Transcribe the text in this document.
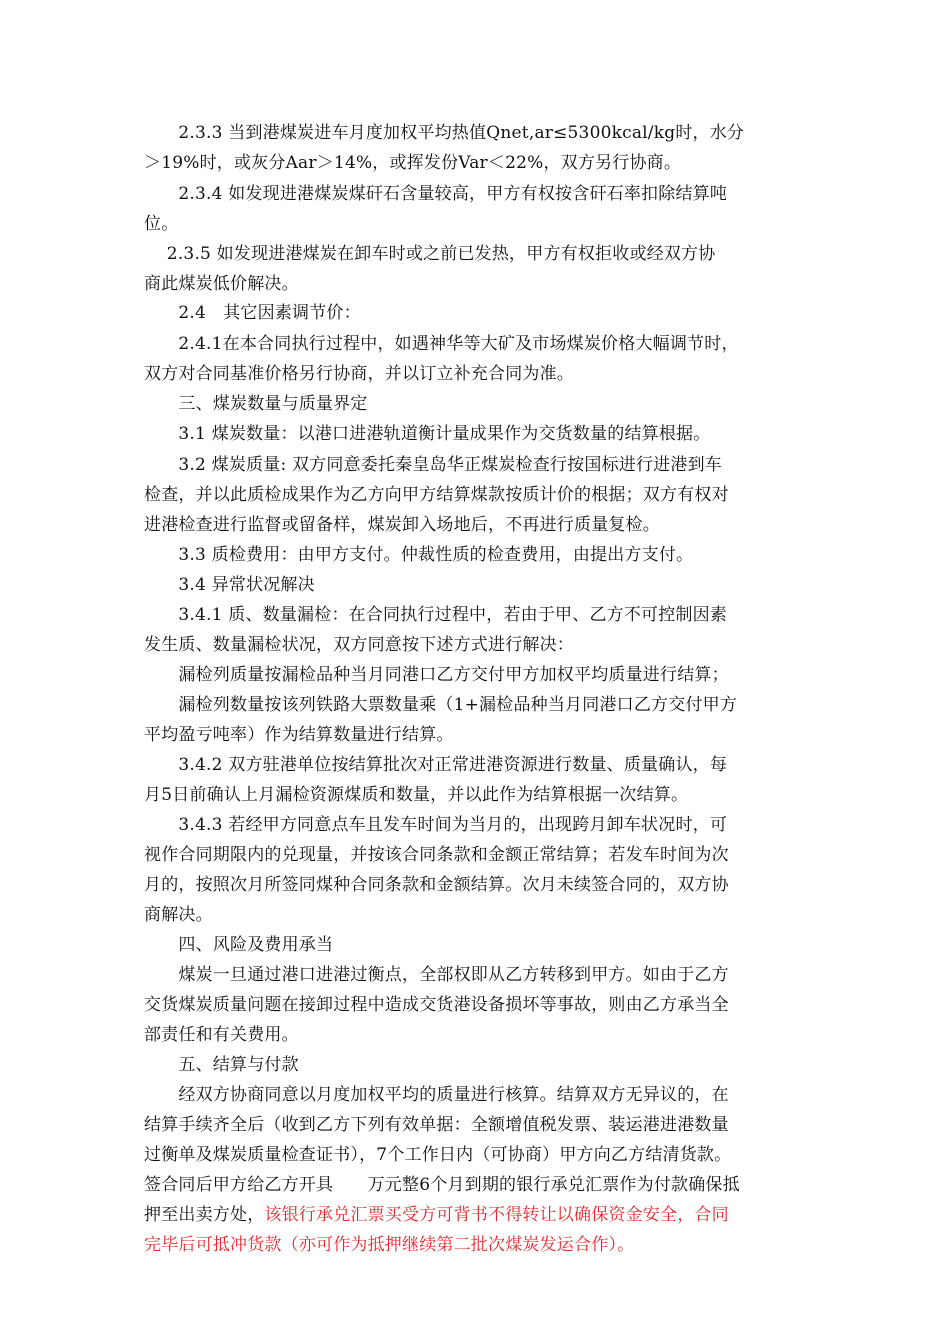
　　2.3.3 当到港煤炭进车月度加权平均热值Qnet,ar≤5300kcal/kg时，水分
＞19%时，或灰分Aar＞14%，或挥发份Var＜22%，双方另行协商。
　　2.3.4 如发现进港煤炭煤矸石含量较高，甲方有权按含矸石率扣除结算吨
位。
　 2.3.5 如发现进港煤炭在卸车时或之前已发热，甲方有权拒收或经双方协
商此煤炭低价解决。
　　2.4　其它因素调节价：
　　2.4.1在本合同执行过程中，如遇神华等大矿及市场煤炭价格大幅调节时，
双方对合同基准价格另行协商，并以订立补充合同为准。
　　三、煤炭数量与质量界定
　　3.1 煤炭数量：以港口进港轨道衡计量成果作为交货数量的结算根据。
　　3.2 煤炭质量: 双方同意委托秦皇岛华正煤炭检查行按国标进行进港到车
检查，并以此质检成果作为乙方向甲方结算煤款按质计价的根据；双方有权对
进港检查进行监督或留备样，煤炭卸入场地后，不再进行质量复检。
　　3.3 质检费用：由甲方支付。仲裁性质的检查费用，由提出方支付。
　　3.4 异常状况解决
　　3.4.1 质、数量漏检：在合同执行过程中，若由于甲、乙方不可控制因素
发生质、数量漏检状况，双方同意按下述方式进行解决：
　　漏检列质量按漏检品种当月同港口乙方交付甲方加权平均质量进行结算；
　　漏检列数量按该列铁路大票数量乘（1+漏检品种当月同港口乙方交付甲方
平均盈亏吨率）作为结算数量进行结算。
　　3.4.2 双方驻港单位按结算批次对正常进港资源进行数量、质量确认，每
月5日前确认上月漏检资源煤质和数量，并以此作为结算根据一次结算。
　　3.4.3 若经甲方同意点车且发车时间为当月的，出现跨月卸车状况时，可
视作合同期限内的兑现量，并按该合同条款和金额正常结算；若发车时间为次
月的，按照次月所签同煤种合同条款和金额结算。次月未续签合同的，双方协
商解决。
　　四、风险及费用承当
　　煤炭一旦通过港口进港过衡点，全部权即从乙方转移到甲方。如由于乙方
交货煤炭质量问题在接卸过程中造成交货港设备损坏等事故，则由乙方承当全
部责任和有关费用。
　　五、结算与付款
　　经双方协商同意以月度加权平均的质量进行核算。结算双方无异议的，在
结算手续齐全后（收到乙方下列有效单据：全额增值税发票、装运港进港数量
过衡单及煤炭质量检查证书），7个工作日内（可协商）甲方向乙方结清货款。
签合同后甲方给乙方开具　　万元整6个月到期的银行承兑汇票作为付款确保抵
押至出卖方处，该银行承兑汇票买受方可背书不得转让以确保资金安全，合同
完毕后可抵冲货款（亦可作为抵押继续第二批次煤炭发运合作）。
